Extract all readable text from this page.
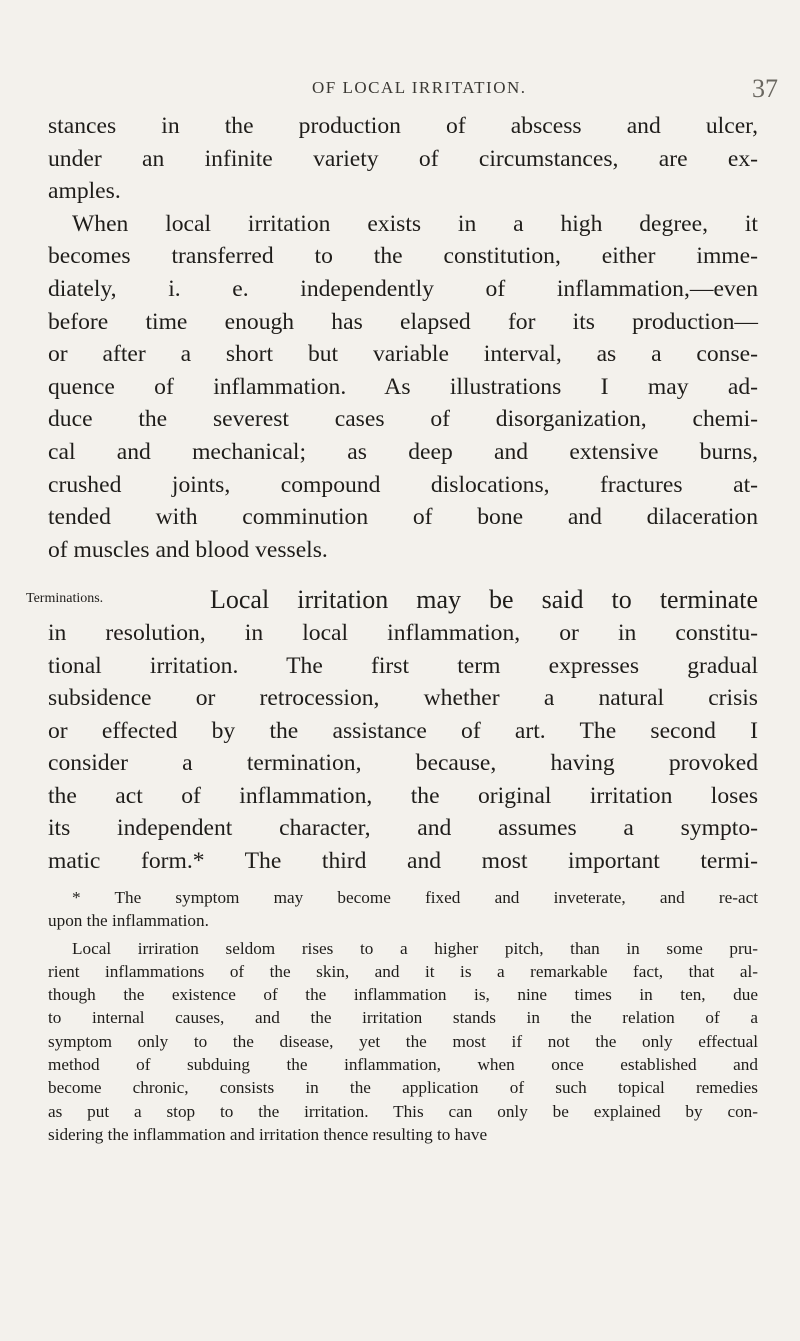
OF LOCAL IRRITATION.	37
stances in the production of abscess and ulcer,
under an infinite variety of circumstances, are ex-
amples.
When local irritation exists in a high degree, it
becomes transferred to the constitution, either imme-
diately, i. e. independently of inflammation,—even
before time enough has elapsed for its production—
or after a short but variable interval, as a conse-
quence of inflammation. As illustrations I may ad-
duce the severest cases of disorganization, chemi-
cal and mechanical; as deep and extensive burns,
crushed joints, compound dislocations, fractures at-
tended with comminution of bone and dilaceration
of muscles and blood vessels.
Terminations.	Local irritation may be said to terminate
in resolution, in local inflammation, or in constitu-
tional irritation. The first term expresses gradual
subsidence or retrocession, whether a natural crisis
or effected by the assistance of art. The second I
consider a termination, because, having provoked
the act of inflammation, the original irritation loses
its independent character, and assumes a sympto-
matic form.* The third and most important termi-
* The symptom may become fixed and inveterate, and re-act
upon the inflammation.
Local irriration seldom rises to a higher pitch, than in some pru-
rient inflammations of the skin, and it is a remarkable fact, that al-
though the existence of the inflammation is, nine times in ten, due
to internal causes, and the irritation stands in the relation of a
symptom only to the disease, yet the most if not the only effectual
method of subduing the inflammation, when once established and
become chronic, consists in the application of such topical remedies
as put a stop to the irritation. This can only be explained by con-
sidering the inflammation and irritation thence resulting to have
